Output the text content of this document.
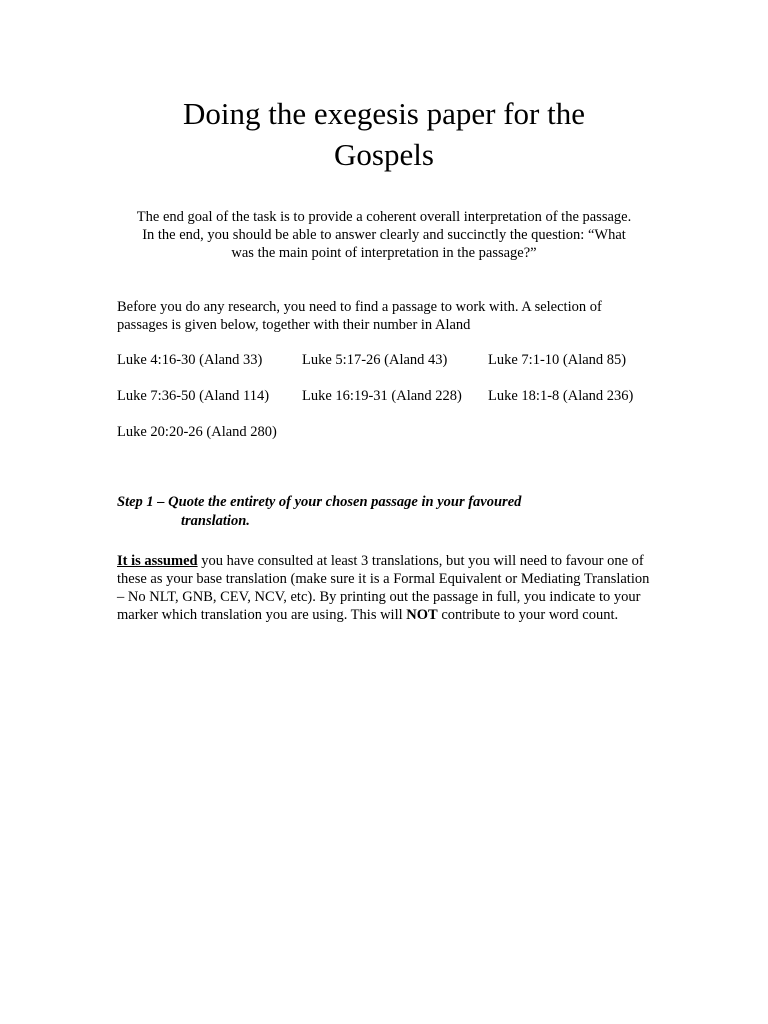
Doing the exegesis paper for the
Gospels

The end goal of the task is to provide a coherent overall interpretation of the passage.
In the end, you should be able to answer clearly and succinctly the question: “What
was the main point of interpretation in the passage?”

Before you do any research, you need to find a passage to work with. A selection of
passages is given below, together with their number in Aland

Luke 4:16-30 (Aland 33)	Luke 5:17-26 (Aland 43)	Luke 7:1-10 (Aland 85)
Luke 7:36-50 (Aland 114) Luke 16:19-31 (Aland 228) Luke 18:1-8 (Aland 236)
Luke 20:20-26 (Aland 280)

Step 1 – Quote the entirety of your chosen passage in your favoured
translation.

It is assumed you have consulted at least 3 translations, but you will need to favour one of
these as your base translation (make sure it is a Formal Equivalent or Mediating Translation
– No NLT, GNB, CEV, NCV, etc). By printing out the passage in full, you indicate to your
marker which translation you are using. This will NOT contribute to your word count.
